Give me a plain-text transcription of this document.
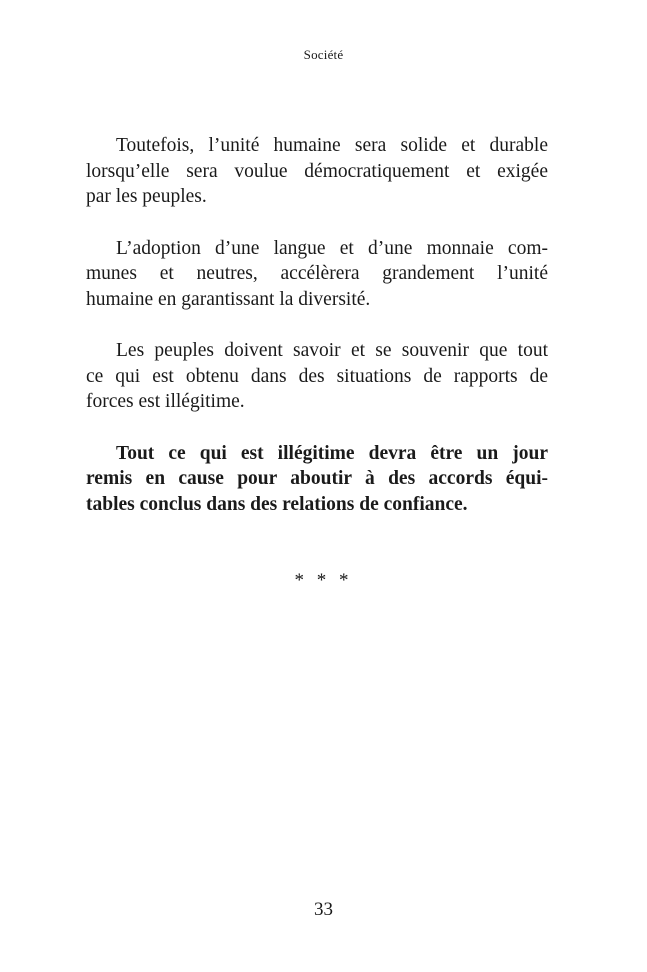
Société

Toutefois, l’unité humaine sera solide et durable
lorsqu’elle sera voulue démocratiquement et exigée
par les peuples.

L’adoption d’une langue et d’une monnaie com-
munes et neutres, accélèrera grandement l’unité
humaine en garantissant la diversité.

Les peuples doivent savoir et se souvenir que tout
ce qui est obtenu dans des situations de rapports de
forces est illégitime.

Tout ce qui est illégitime devra être un jour
remis en cause pour aboutir à des accords équi-
tables conclus dans des relations de confiance.

* * *
33
